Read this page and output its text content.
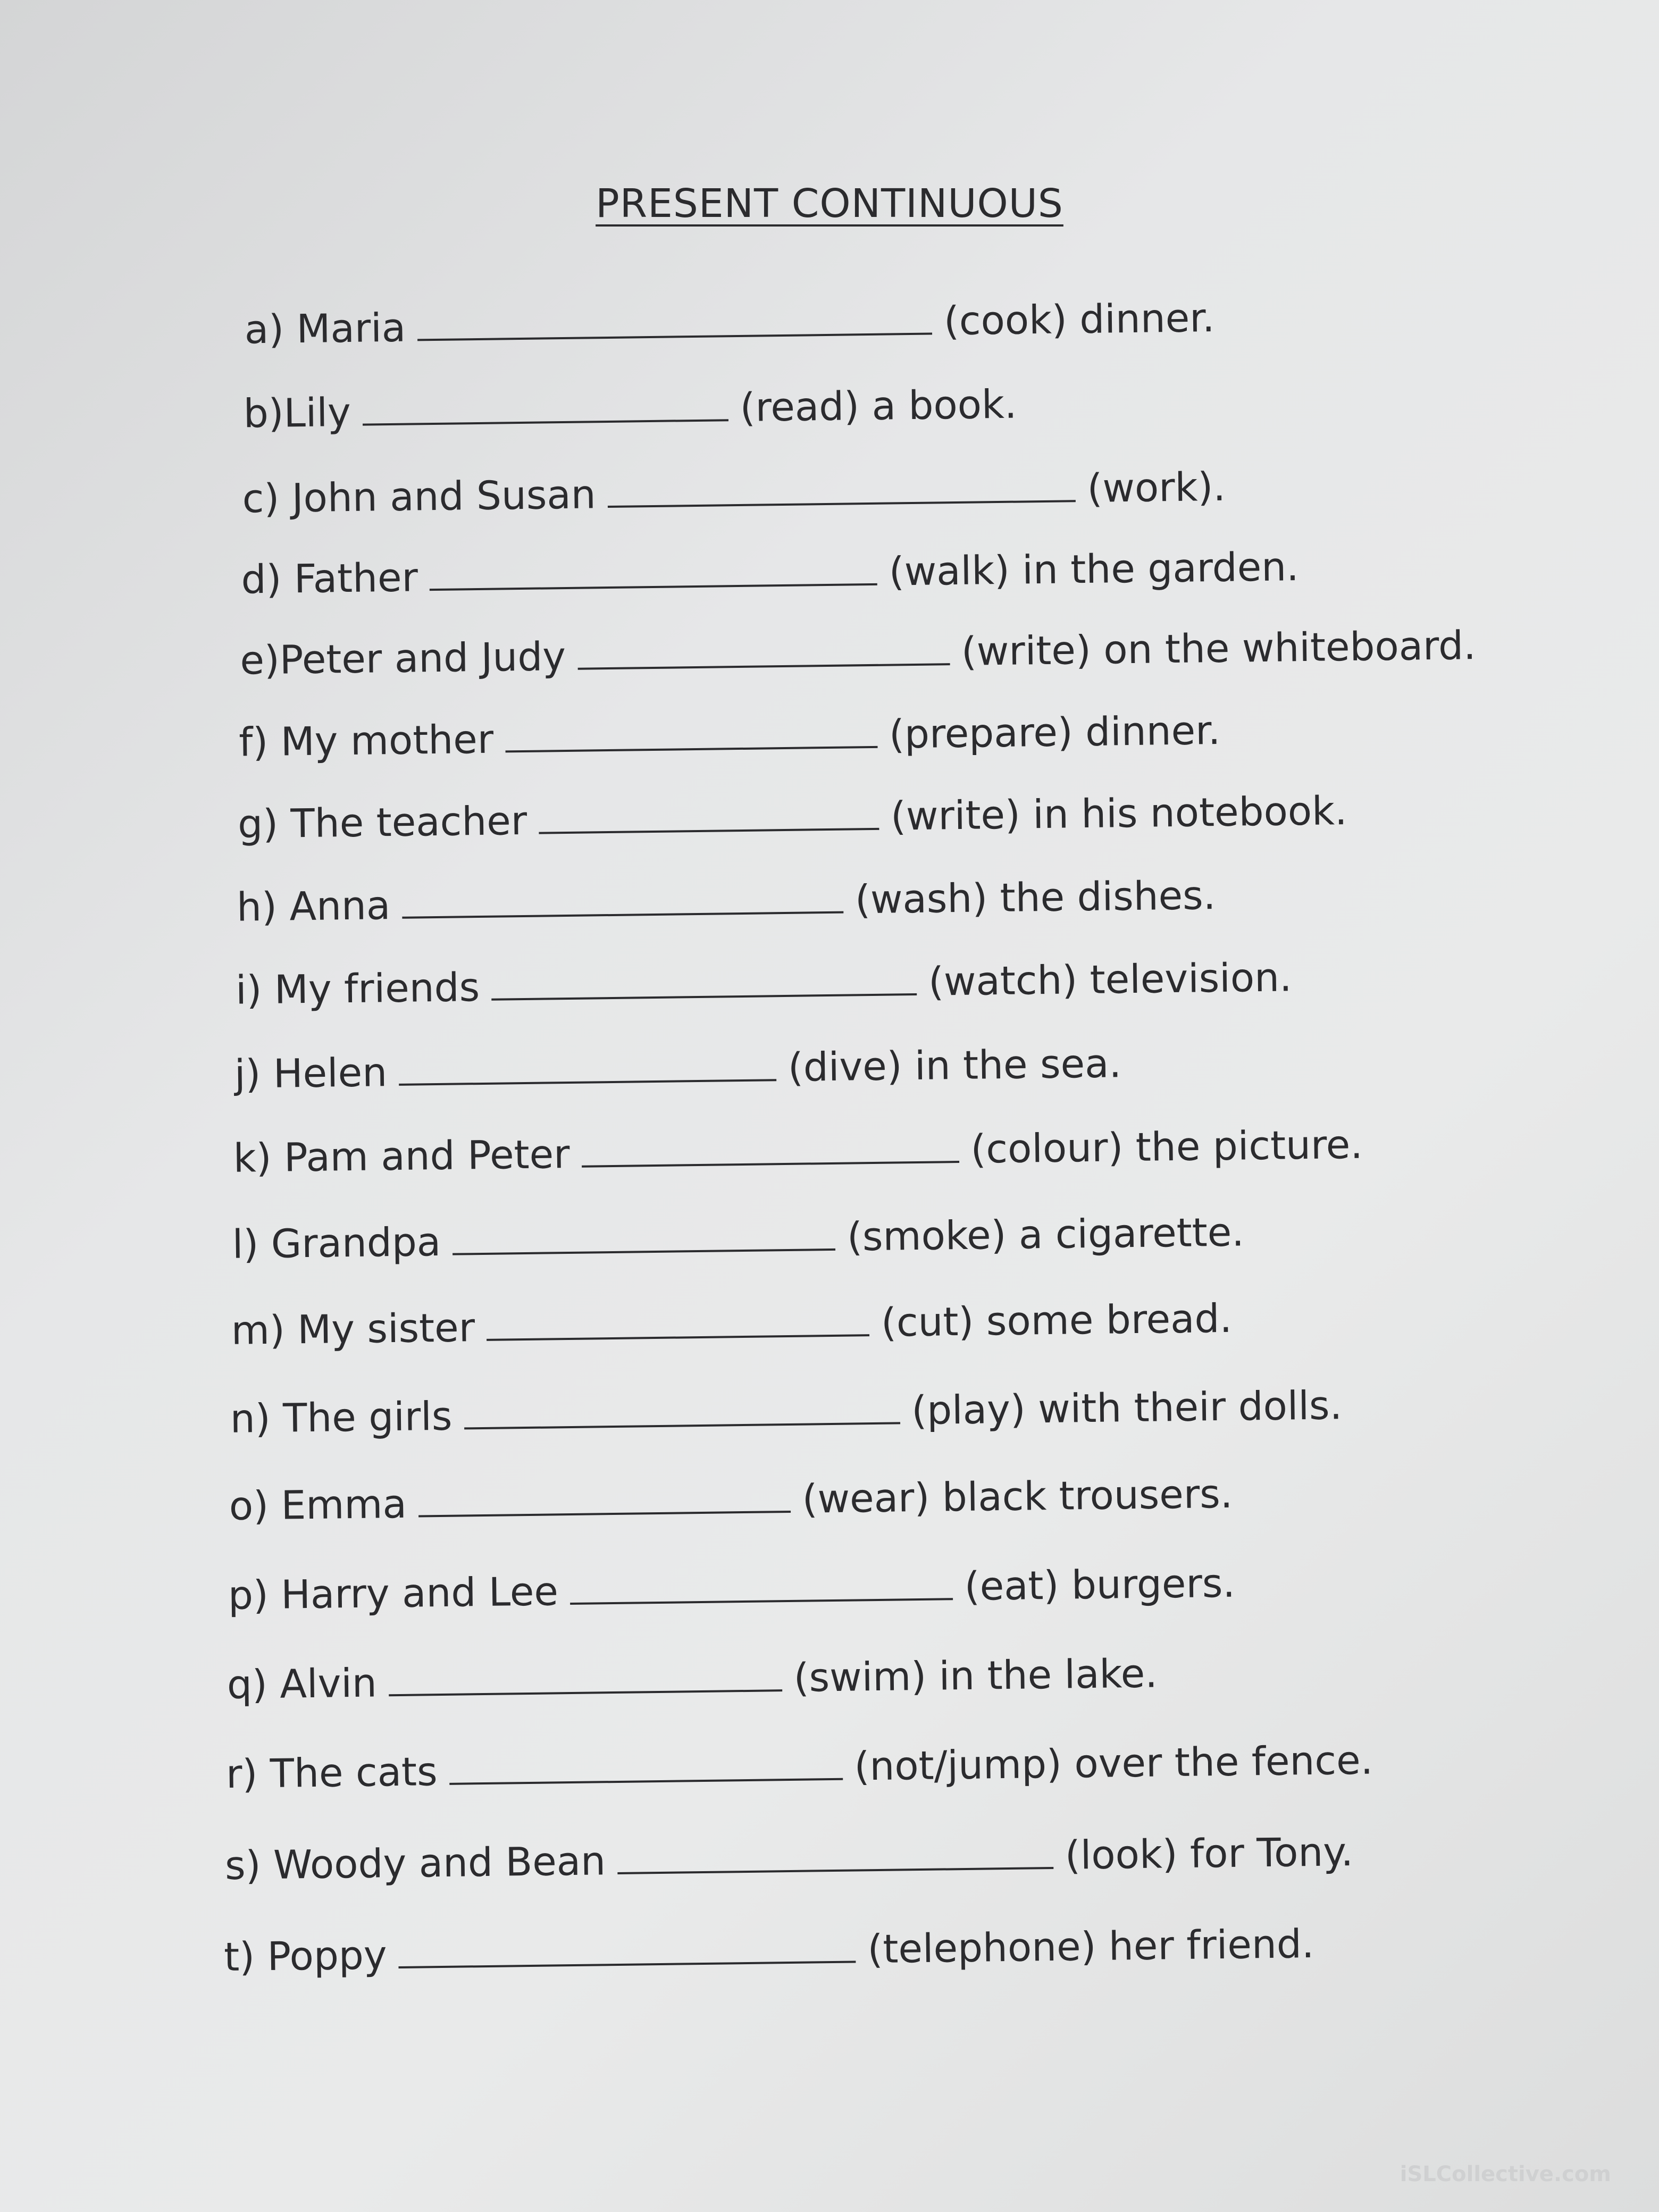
PRESENT CONTINUOUS
a) Maria	(cook) dinner.
b)Lily	(read) a book.
c) John and Susan	(work).
d) Father	(walk) in the garden.
e)Peter and Judy	(write) on the whiteboard.
f) My mother	(prepare) dinner.
g) The teacher	(write) in his notebook.
h) Anna	(wash) the dishes.
i) My friends	(watch) television.
j) Helen	(dive) in the sea.
k) Pam and Peter	(colour) the picture.
l) Grandpa	(smoke) a cigarette.
m) My sister	(cut) some bread.
n) The girls	(play) with their dolls.
o) Emma	(wear) black trousers.
p) Harry and Lee	(eat) burgers.
q) Alvin	(swim) in the lake.
r) The cats	(not/jump) over the fence.
s) Woody and Bean	(look) for Tony.
t) Poppy	(telephone) her friend.
iSLCollective.com
